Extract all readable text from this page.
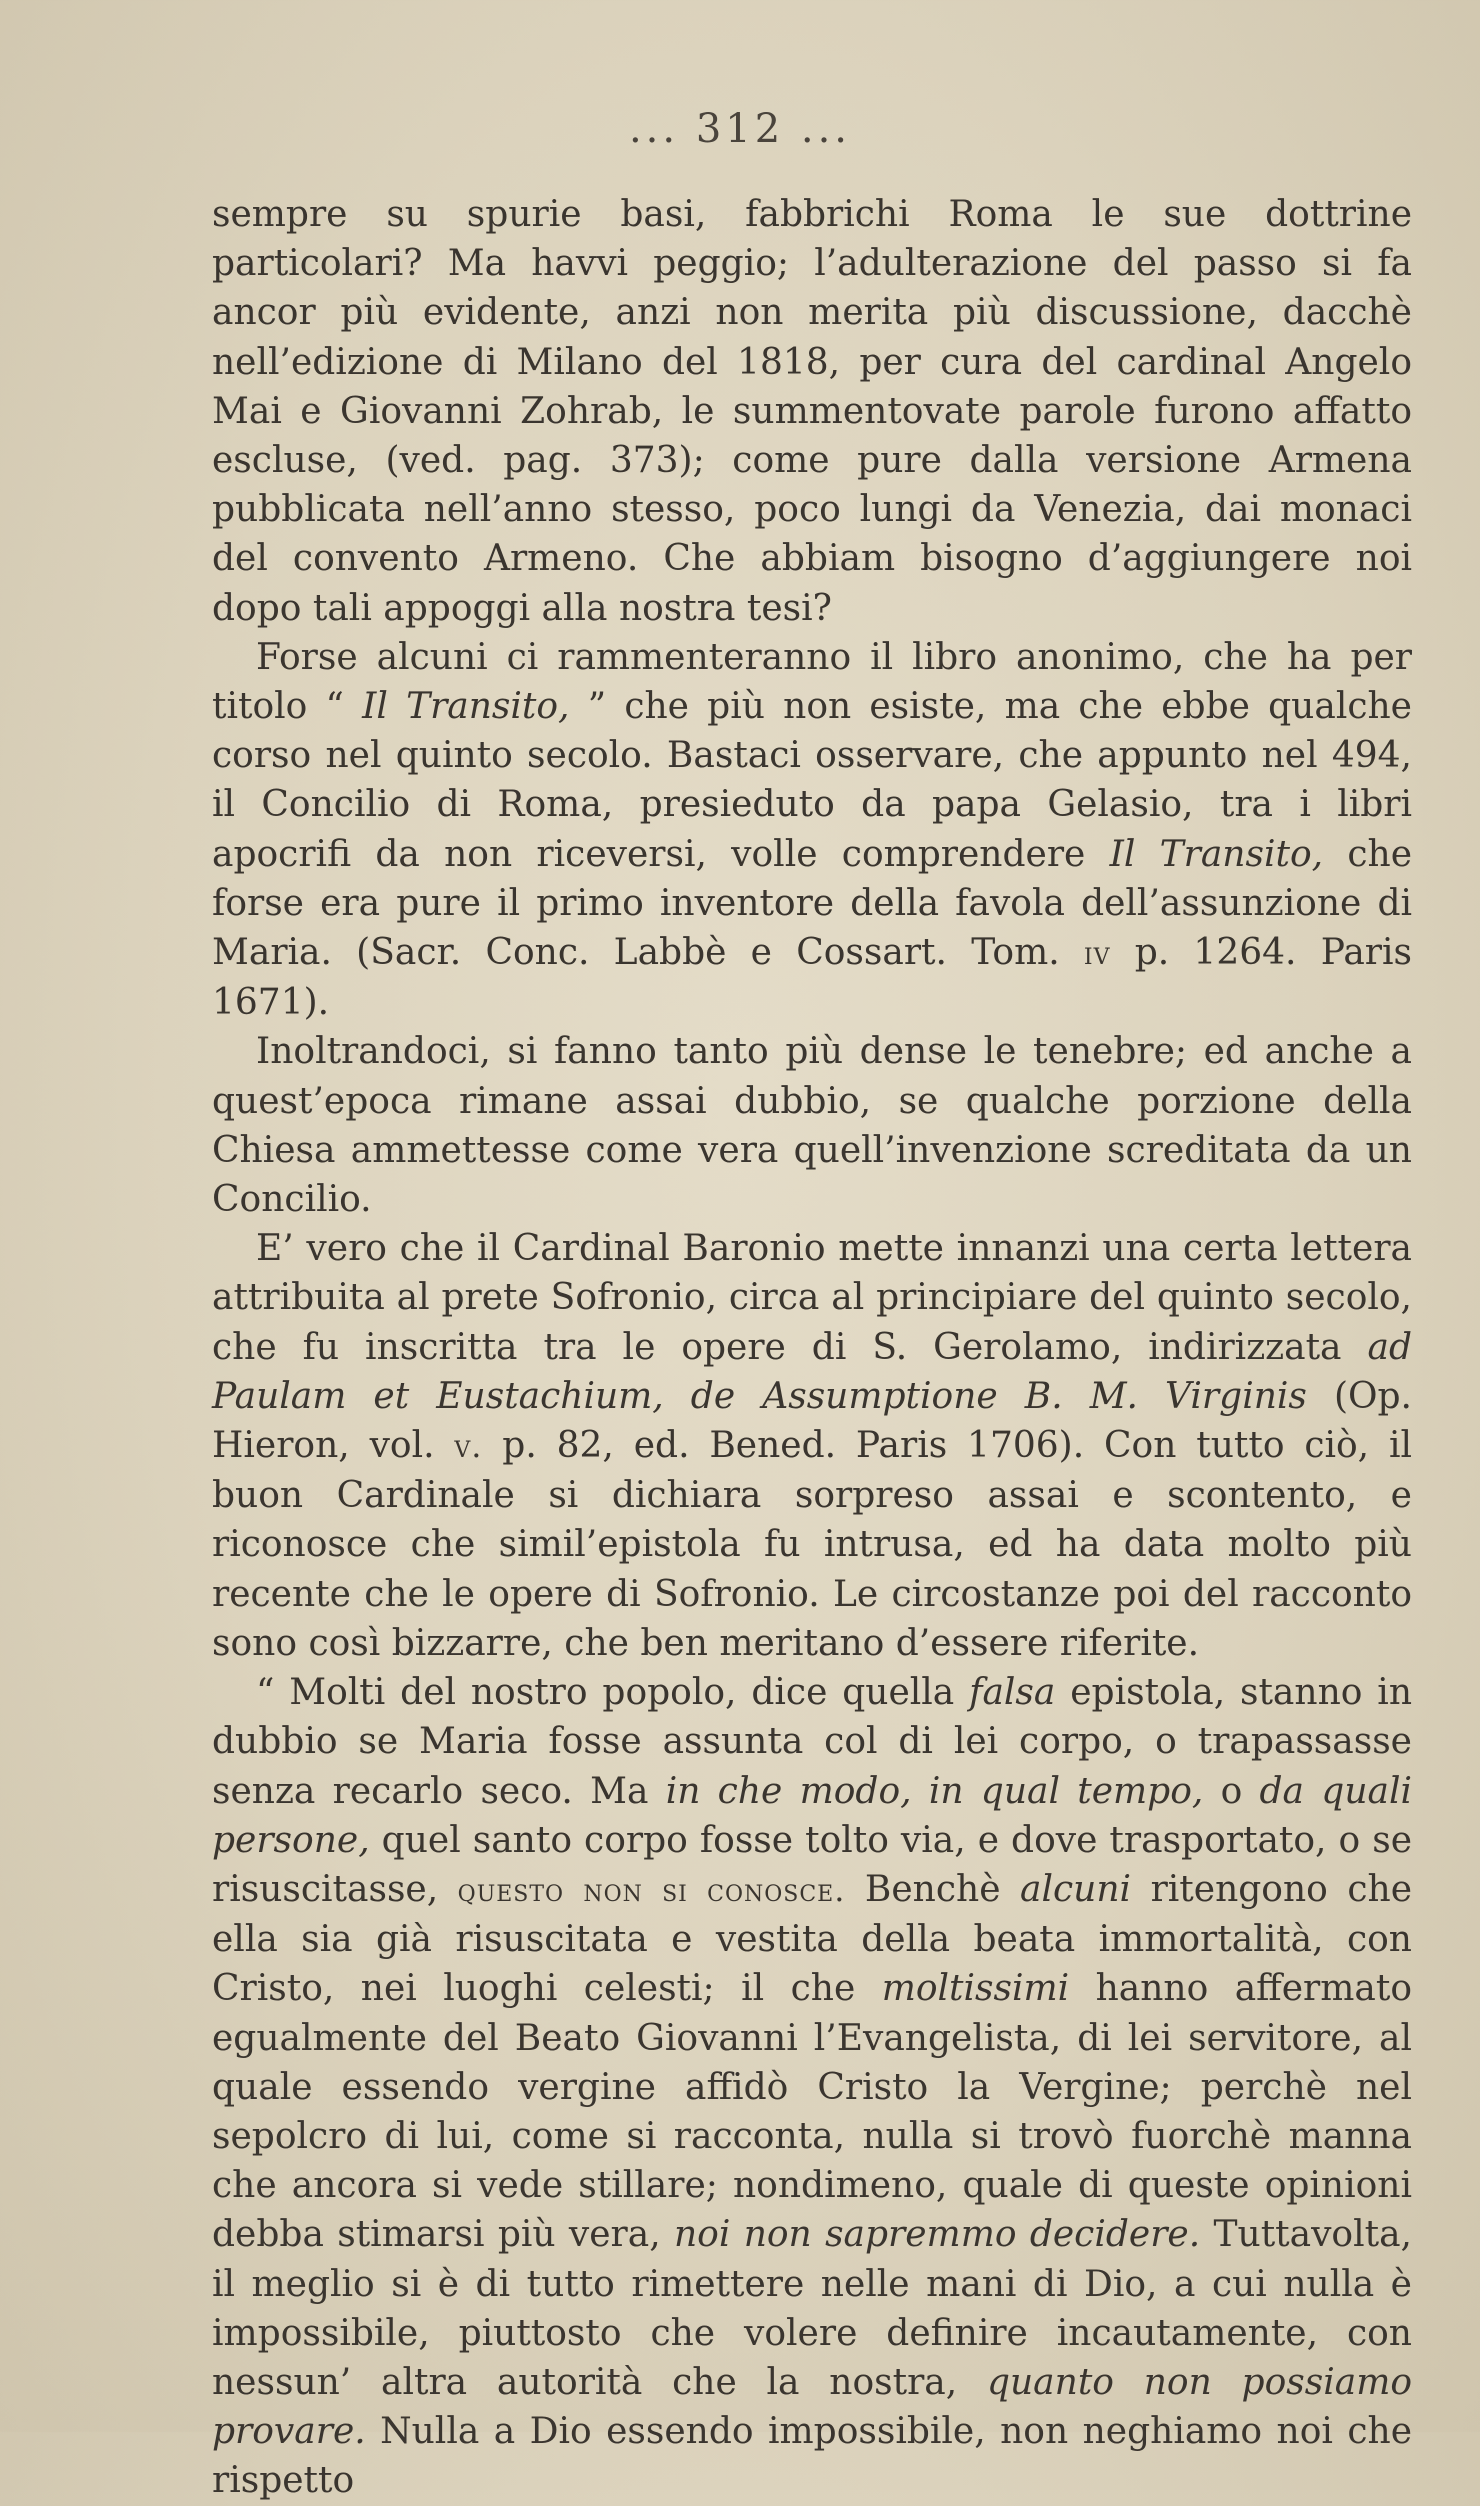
... 312 ...

sempre su spurie basi, fabbrichi Roma le sue dottrine particolari? Ma havvi peggio; l’adulterazione del passo si fa ancor più evidente, anzi non merita più discussione, dacchè nell’edizione di Milano del 1818, per cura del cardinal Angelo Mai e Giovanni Zohrab, le summentovate parole furono affatto escluse, (ved. pag. 373); come pure dalla versione Armena pubblicata nell’anno stesso, poco lungi da Venezia, dai monaci del convento Armeno. Che abbiam bisogno d’aggiungere noi dopo tali appoggi alla nostra tesi?

Forse alcuni ci rammenteranno il libro anonimo, che ha per titolo “ Il Transito, ” che più non esiste, ma che ebbe qualche corso nel quinto secolo. Bastaci osservare, che appunto nel 494, il Concilio di Roma, presieduto da papa Gelasio, tra i libri apocrifi da non riceversi, volle comprendere Il Transito, che forse era pure il primo inventore della favola dell’assunzione di Maria. (Sacr. Conc. Labbè e Cossart. Tom. iv p. 1264. Paris 1671).

Inoltrandoci, si fanno tanto più dense le tenebre; ed anche a quest’epoca rimane assai dubbio, se qualche porzione della Chiesa ammettesse come vera quell’invenzione screditata da un Concilio.

E’ vero che il Cardinal Baronio mette innanzi una certa lettera attribuita al prete Sofronio, circa al principiare del quinto secolo, che fu inscritta tra le opere di S. Gerolamo, indirizzata ad Paulam et Eustachium, de Assumptione B. M. Virginis (Op. Hieron, vol. v. p. 82, ed. Bened. Paris 1706). Con tutto ciò, il buon Cardinale si dichiara sorpreso assai e scontento, e riconosce che simil’epistola fu intrusa, ed ha data molto più recente che le opere di Sofronio. Le circostanze poi del racconto sono così bizzarre, che ben meritano d’essere riferite.

“ Molti del nostro popolo, dice quella falsa epistola, stanno in dubbio se Maria fosse assunta col di lei corpo, o trapassasse senza recarlo seco. Ma in che modo, in qual tempo, o da quali persone, quel santo corpo fosse tolto via, e dove trasportato, o se risuscitasse, questo non si conosce. Benchè alcuni ritengono che ella sia già risuscitata e vestita della beata immortalità, con Cristo, nei luoghi celesti; il che moltissimi hanno affermato egualmente del Beato Giovanni l’Evangelista, di lei servitore, al quale essendo vergine affidò Cristo la Vergine; perchè nel sepolcro di lui, come si racconta, nulla si trovò fuorchè manna che ancora si vede stillare; nondimeno, quale di queste opinioni debba stimarsi più vera, noi non sapremmo decidere. Tuttavolta, il meglio si è di tutto rimettere nelle mani di Dio, a cui nulla è impossibile, piuttosto che volere definire incautamente, con nessun’ altra autorità che la nostra, quanto non possiamo provare. Nulla a Dio essendo impossibile, non neghiamo noi che rispetto
